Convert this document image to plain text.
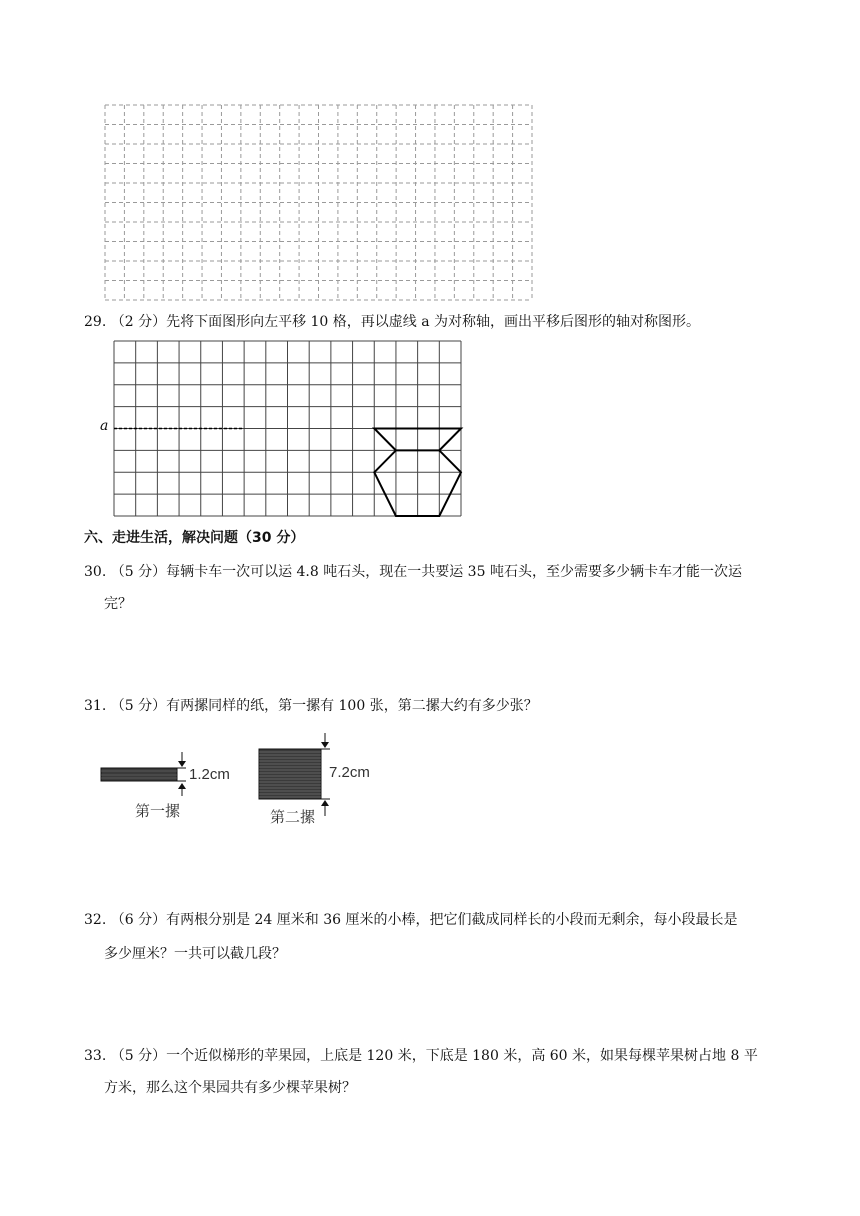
29. （2 分）先将下面图形向左平移 10 格，再以虚线 a 为对称轴，画出平移后图形的轴对称图形。
a
六、走进生活，解决问题（30 分）
30. （5 分）每辆卡车一次可以运 4.8 吨石头，现在一共要运 35 吨石头，至少需要多少辆卡车才能一次运
完？
31. （5 分）有两摞同样的纸，第一摞有 100 张，第二摞大约有多少张？
1.2cm
第一摞
7.2cm
第二摞
32. （6 分）有两根分别是 24 厘米和 36 厘米的小棒，把它们截成同样长的小段而无剩余，每小段最长是
多少厘米？一共可以截几段？
33. （5 分）一个近似梯形的苹果园，上底是 120 米，下底是 180 米，高 60 米，如果每棵苹果树占地 8 平
方米，那么这个果园共有多少棵苹果树？
